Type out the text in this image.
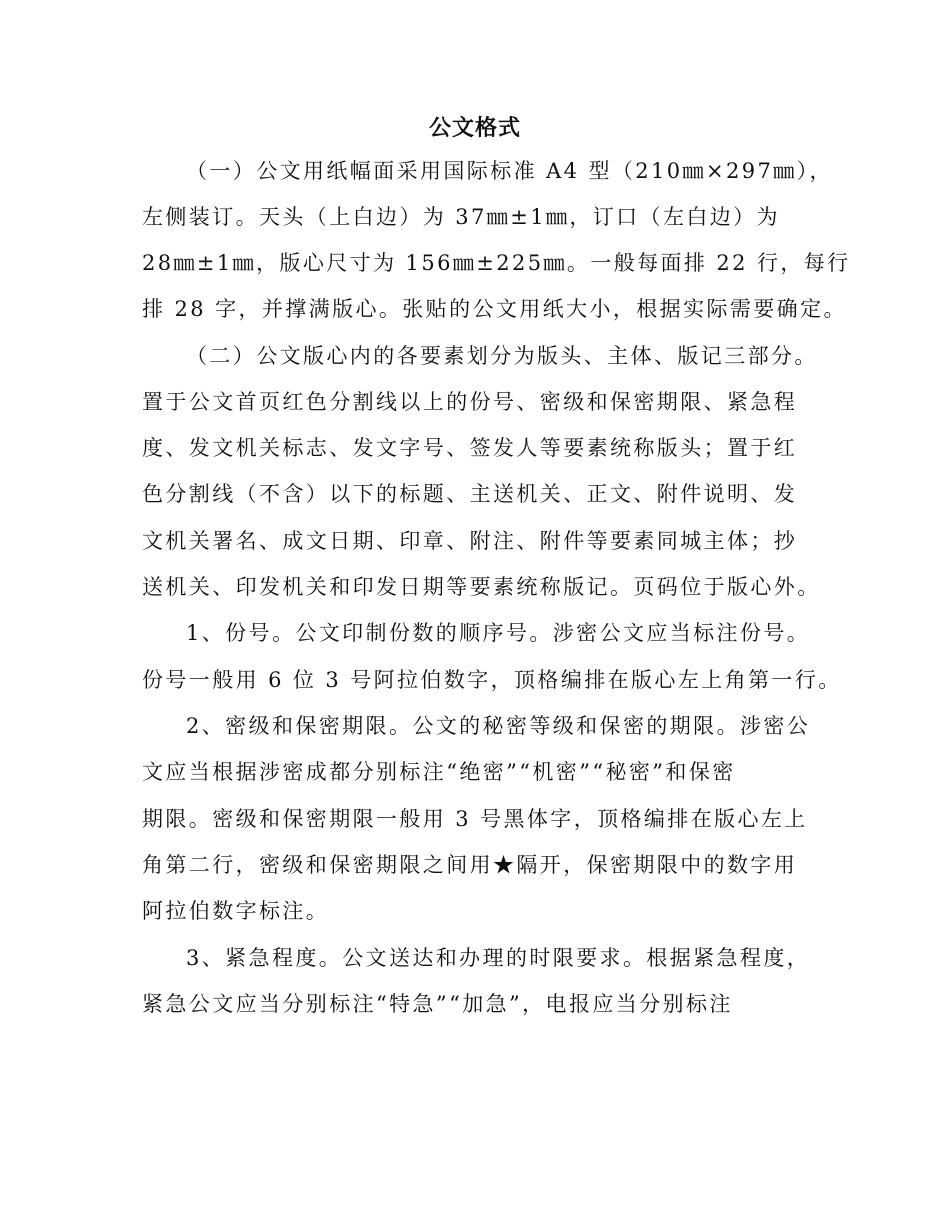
公文格式
（一）公文用纸幅面采用国际标准 A4 型（210㎜×297㎜），
左侧装订。天头（上白边）为 37㎜±1㎜，订口（左白边）为
28㎜±1㎜，版心尺寸为 156㎜±225㎜。一般每面排 22 行，每行
排 28 字，并撑满版心。张贴的公文用纸大小，根据实际需要确定。
（二）公文版心内的各要素划分为版头、主体、版记三部分。
置于公文首页红色分割线以上的份号、密级和保密期限、紧急程
度、发文机关标志、发文字号、签发人等要素统称版头；置于红
色分割线（不含）以下的标题、主送机关、正文、附件说明、发
文机关署名、成文日期、印章、附注、附件等要素同城主体；抄
送机关、印发机关和印发日期等要素统称版记。页码位于版心外。
1、份号。公文印制份数的顺序号。涉密公文应当标注份号。
份号一般用 6 位 3 号阿拉伯数字，顶格编排在版心左上角第一行。
2、密级和保密期限。公文的秘密等级和保密的期限。涉密公
文应当根据涉密成都分别标注“绝密”“机密”“秘密”和保密
期限。密级和保密期限一般用 3 号黑体字，顶格编排在版心左上
角第二行，密级和保密期限之间用★隔开，保密期限中的数字用
阿拉伯数字标注。
3、紧急程度。公文送达和办理的时限要求。根据紧急程度，
紧急公文应当分别标注“特急”“加急”，电报应当分别标注
